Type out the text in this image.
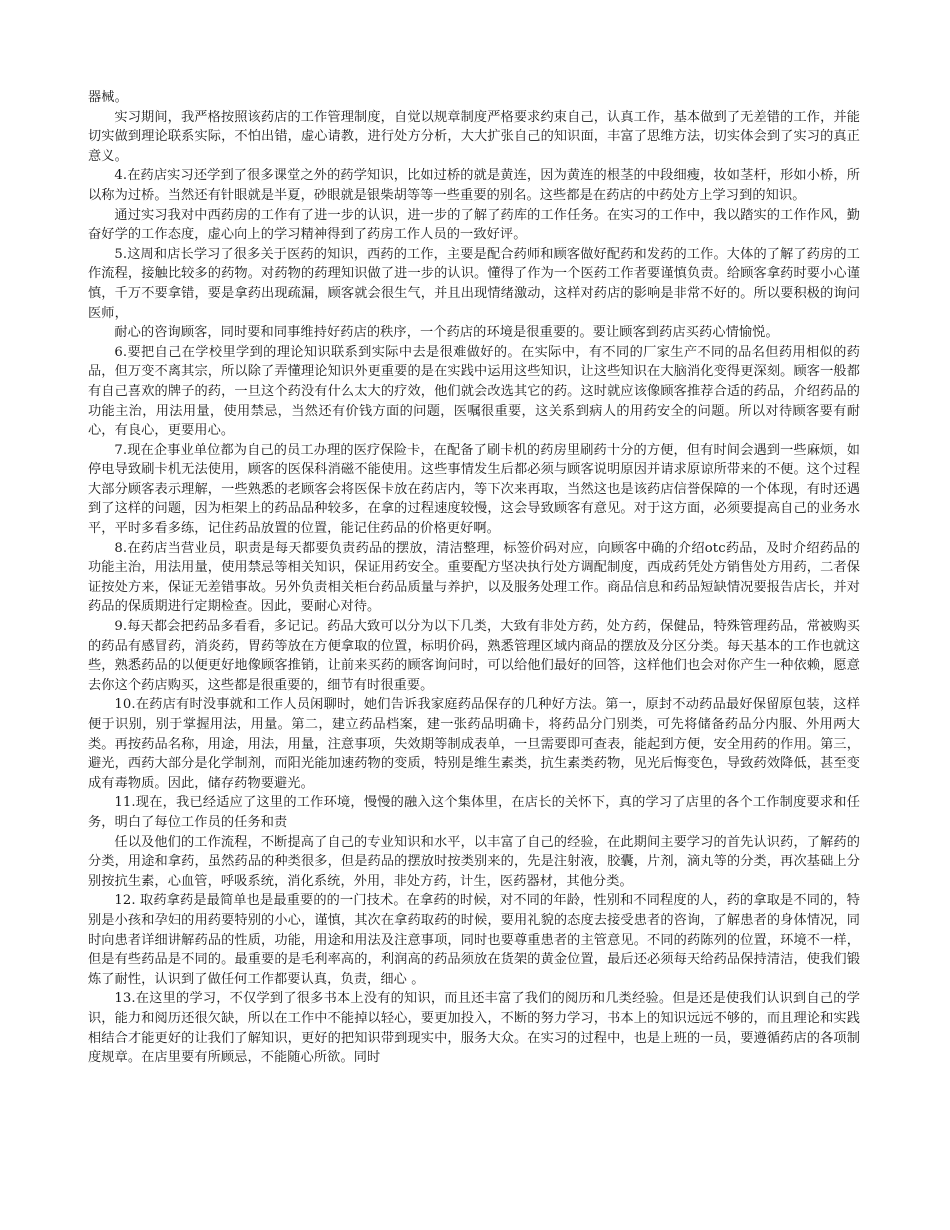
器械。

实习期间，我严格按照该药店的工作管理制度，自觉以规章制度严格要求约束自己，认真工作，基本做到了无差错的工作，并能切实做到理论联系实际，不怕出错，虚心请教，进行处方分析，大大扩张自己的知识面，丰富了思维方法，切实体会到了实习的真正意义。

4.在药店实习还学到了很多课堂之外的药学知识，比如过桥的就是黄连，因为黄连的根茎的中段细瘦，妆如茎杆，形如小桥，所以称为过桥。当然还有针眼就是半夏，砂眼就是银柴胡等等一些重要的别名。这些都是在药店的中药处方上学习到的知识。

通过实习我对中西药房的工作有了进一步的认识，进一步的了解了药库的工作任务。在实习的工作中，我以踏实的工作作风，勤奋好学的工作态度，虚心向上的学习精神得到了药房工作人员的一致好评。

5.这周和店长学习了很多关于医药的知识，西药的工作，主要是配合药师和顾客做好配药和发药的工作。大体的了解了药房的工作流程，接触比较多的药物。对药物的药理知识做了进一步的认识。懂得了作为一个医药工作者要谨慎负责。给顾客拿药时要小心谨慎，千万不要拿错，要是拿药出现疏漏，顾客就会很生气，并且出现情绪激动，这样对药店的影响是非常不好的。所以要积极的询问医师，

耐心的咨询顾客，同时要和同事维持好药店的秩序，一个药店的环境是很重要的。要让顾客到药店买药心情愉悦。

6.要把自己在学校里学到的理论知识联系到实际中去是很难做好的。在实际中，有不同的厂家生产不同的品名但药用相似的药品，但万变不离其宗，所以除了弄懂理论知识外更重要的是在实践中运用这些知识，让这些知识在大脑消化变得更深刻。顾客一般都有自己喜欢的牌子的药，一旦这个药没有什么太大的疗效，他们就会改选其它的药。这时就应该像顾客推荐合适的药品，介绍药品的功能主治，用法用量，使用禁忌，当然还有价钱方面的问题，医嘱很重要，这关系到病人的用药安全的问题。所以对待顾客要有耐心，有良心，更要用心。

7.现在企事业单位都为自己的员工办理的医疗保险卡，在配备了刷卡机的药房里刷药十分的方便，但有时间会遇到一些麻烦，如停电导致刷卡机无法使用，顾客的医保科消磁不能使用。这些事情发生后都必须与顾客说明原因并请求原谅所带来的不便。这个过程大部分顾客表示理解，一些熟悉的老顾客会将医保卡放在药店内，等下次来再取，当然这也是该药店信誉保障的一个体现，有时还遇到了这样的问题，因为柜架上的药品品种较多，在拿的过程速度较慢，这会导致顾客有意见。对于这方面，必须要提高自己的业务水平，平时多看多练，记住药品放置的位置，能记住药品的价格更好啊。

8.在药店当营业员，职责是每天都要负责药品的摆放，清洁整理，标签价码对应，向顾客中确的介绍otc药品，及时介绍药品的功能主治，用法用量，使用禁忌等相关知识，保证用药安全。重要配方坚决执行处方调配制度，西成药凭处方销售处方用药，二者保证按处方来，保证无差错事故。另外负责相关柜台药品质量与养护，以及服务处理工作。商品信息和药品短缺情况要报告店长，并对药品的保质期进行定期检查。因此，要耐心对待。

9.每天都会把药品多看看，多记记。药品大致可以分为以下几类，大致有非处方药，处方药，保健品，特殊管理药品，常被购买的药品有感冒药，消炎药，胃药等放在方便拿取的位置，标明价码，熟悉管理区域内商品的摆放及分区分类。每天基本的工作也就这些，熟悉药品的以便更好地像顾客推销，让前来买药的顾客询问时，可以给他们最好的回答，这样他们也会对你产生一种依赖，愿意去你这个药店购买，这些都是很重要的，细节有时很重要。

10.在药店有时没事就和工作人员闲聊时，她们告诉我家庭药品保存的几种好方法。第一，原封不动药品最好保留原包装，这样便于识别，别于掌握用法，用量。第二，建立药品档案，建一张药品明确卡，将药品分门别类，可先将储备药品分内服、外用两大类。再按药品名称，用途，用法，用量，注意事项，失效期等制成表单，一旦需要即可查表，能起到方便，安全用药的作用。第三，避光，西药大部分是化学制剂，而阳光能加速药物的变质，特别是维生素类，抗生素类药物，见光后悔变色，导致药效降低，甚至变成有毒物质。因此，储存药物要避光。

11.现在，我已经适应了这里的工作环境，慢慢的融入这个集体里，在店长的关怀下，真的学习了店里的各个工作制度要求和任务，明白了每位工作员的任务和责

任以及他们的工作流程，不断提高了自己的专业知识和水平，以丰富了自己的经验，在此期间主要学习的首先认识药，了解药的分类，用途和拿药，虽然药品的种类很多，但是药品的摆放时按类别来的，先是注射液，胶囊，片剂，滴丸等的分类，再次基础上分别按抗生素，心血管，呼吸系统，消化系统，外用，非处方药，计生，医药器材，其他分类。

12. 取药拿药是最简单也是最重要的的一门技术。在拿药的时候，对不同的年龄，性别和不同程度的人，药的拿取是不同的，特别是小孩和孕妇的用药要特别的小心，谨慎，其次在拿药取药的时候，要用礼貌的态度去接受患者的咨询，了解患者的身体情况，同时向患者详细讲解药品的性质，功能，用途和用法及注意事项，同时也要尊重患者的主管意见。不同的药陈列的位置，环境不一样，但是有些药品是不同的。最重要的是毛利率高的，利润高的药品须放在货架的黄金位置，最后还必须每天给药品保持清洁，使我们锻炼了耐性，认识到了做任何工作都要认真，负责，细心 。

13.在这里的学习，不仅学到了很多书本上没有的知识，而且还丰富了我们的阅历和几类经验。但是还是使我们认识到自己的学识，能力和阅历还很欠缺，所以在工作中不能掉以轻心，要更加投入，不断的努力学习，书本上的知识远远不够的，而且理论和实践相结合才能更好的让我们了解知识，更好的把知识带到现实中，服务大众。在实习的过程中，也是上班的一员，要遵循药店的各项制度规章。在店里要有所顾忌，不能随心所欲。同时
